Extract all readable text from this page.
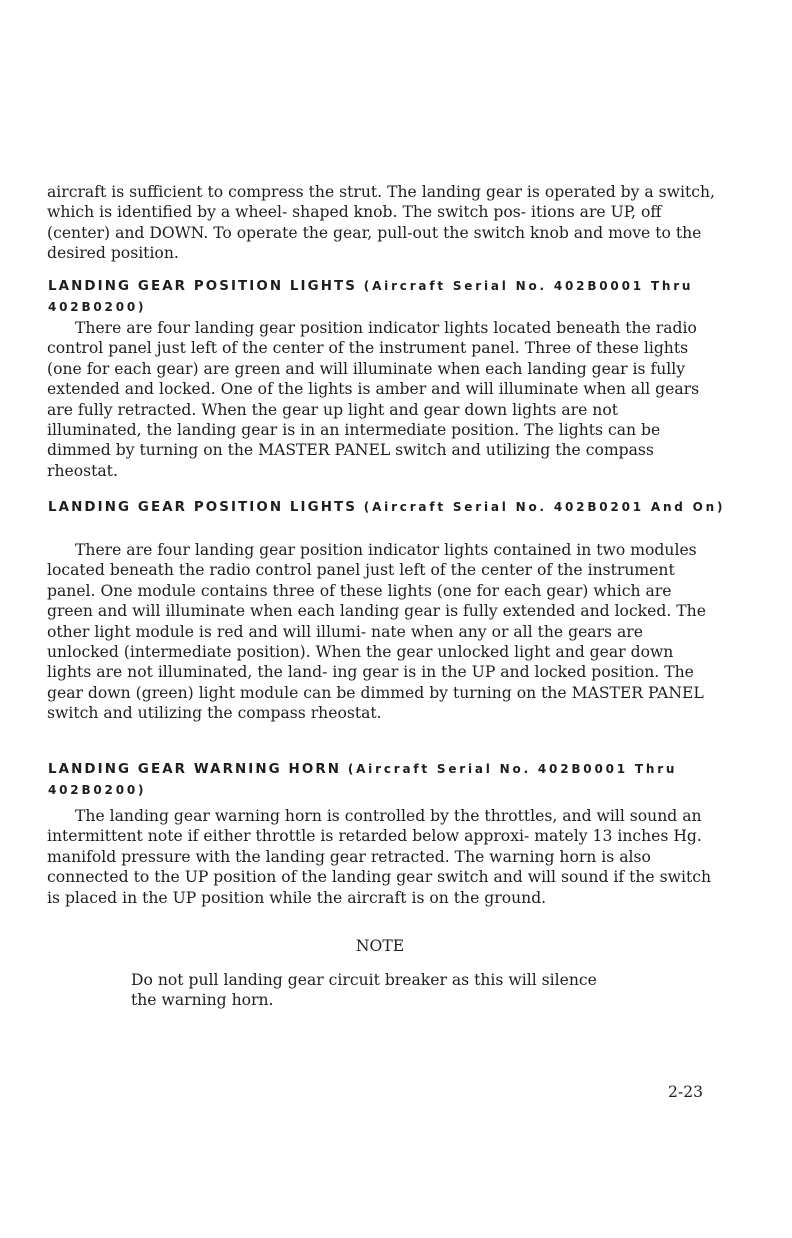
aircraft is sufficient to compress the strut. The landing gear is operated by a switch, which is identified by a wheel- shaped knob. The switch pos- itions are UP, off (center) and DOWN. To operate the gear, pull-out the switch knob and move to the desired position.

LANDING GEAR POSITION LIGHTS (Aircraft Serial No. 402B0001 Thru 402B0200)

There are four landing gear position indicator lights located beneath the radio control panel just left of the center of the instrument panel. Three of these lights (one for each gear) are green and will illuminate when each landing gear is fully extended and locked. One of the lights is amber and will illuminate when all gears are fully retracted. When the gear up light and gear down lights are not illuminated, the landing gear is in an intermediate position. The lights can be dimmed by turning on the MASTER PANEL switch and utilizing the compass rheostat.

LANDING GEAR POSITION LIGHTS (Aircraft Serial No. 402B0201 And On)

There are four landing gear position indicator lights contained in two modules located beneath the radio control panel just left of the center of the instrument panel. One module contains three of these lights (one for each gear) which are green and will illuminate when each landing gear is fully extended and locked. The other light module is red and will illumi- nate when any or all the gears are unlocked (intermediate position). When the gear unlocked light and gear down lights are not illuminated, the land- ing gear is in the UP and locked position. The gear down (green) light module can be dimmed by turning on the MASTER PANEL switch and utilizing the compass rheostat.

LANDING GEAR WARNING HORN (Aircraft Serial No. 402B0001 Thru 402B0200)

The landing gear warning horn is controlled by the throttles, and will sound an intermittent note if either throttle is retarded below approxi- mately 13 inches Hg. manifold pressure with the landing gear retracted. The warning horn is also connected to the UP position of the landing gear switch and will sound if the switch is placed in the UP position while the aircraft is on the ground.

NOTE

Do not pull landing gear circuit breaker as this will silence the warning horn.

2-23
